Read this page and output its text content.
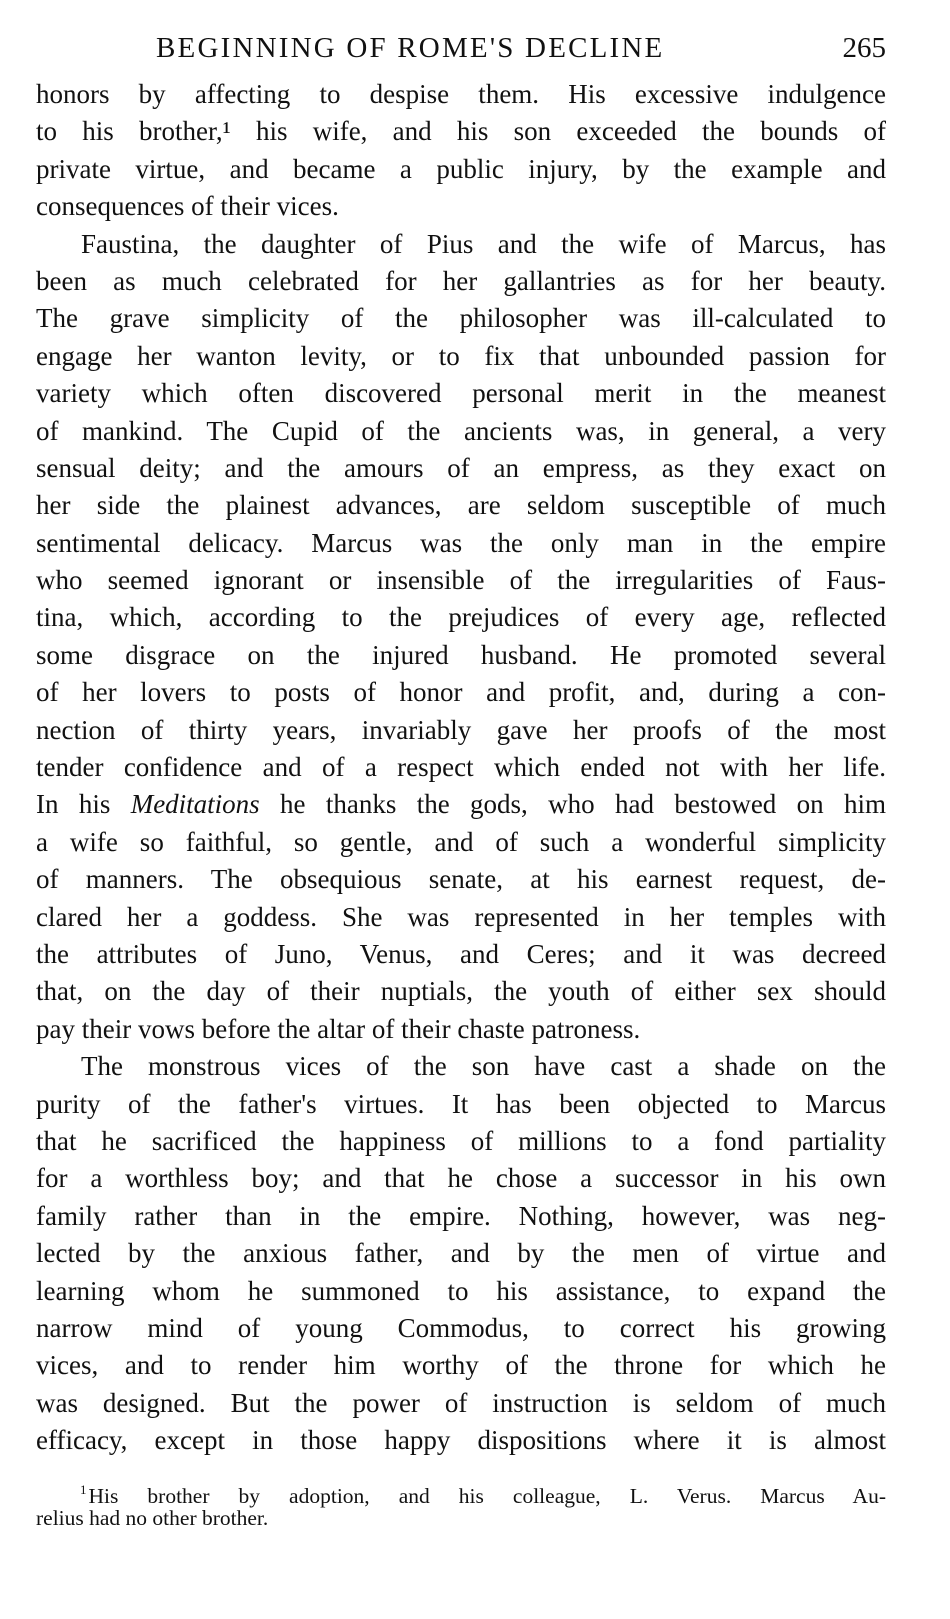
BEGINNING OF ROME'S DECLINE	265
honors by affecting to despise them. His excessive indulgence
to his brother,¹ his wife, and his son exceeded the bounds of
private virtue, and became a public injury, by the example and
consequences of their vices.
Faustina, the daughter of Pius and the wife of Marcus, has
been as much celebrated for her gallantries as for her beauty.
The grave simplicity of the philosopher was ill-calculated to
engage her wanton levity, or to fix that unbounded passion for
variety which often discovered personal merit in the meanest
of mankind. The Cupid of the ancients was, in general, a very
sensual deity; and the amours of an empress, as they exact on
her side the plainest advances, are seldom susceptible of much
sentimental delicacy. Marcus was the only man in the empire
who seemed ignorant or insensible of the irregularities of Faus-
tina, which, according to the prejudices of every age, reflected
some disgrace on the injured husband. He promoted several
of her lovers to posts of honor and profit, and, during a con-
nection of thirty years, invariably gave her proofs of the most
tender confidence and of a respect which ended not with her life.
In his Meditations he thanks the gods, who had bestowed on him
a wife so faithful, so gentle, and of such a wonderful simplicity
of manners. The obsequious senate, at his earnest request, de-
clared her a goddess. She was represented in her temples with
the attributes of Juno, Venus, and Ceres; and it was decreed
that, on the day of their nuptials, the youth of either sex should
pay their vows before the altar of their chaste patroness.
The monstrous vices of the son have cast a shade on the
purity of the father's virtues. It has been objected to Marcus
that he sacrificed the happiness of millions to a fond partiality
for a worthless boy; and that he chose a successor in his own
family rather than in the empire. Nothing, however, was neg-
lected by the anxious father, and by the men of virtue and
learning whom he summoned to his assistance, to expand the
narrow mind of young Commodus, to correct his growing
vices, and to render him worthy of the throne for which he
was designed. But the power of instruction is seldom of much
efficacy, except in those happy dispositions where it is almost
$^1$His brother by adoption, and his colleague, L. Verus. Marcus Au-
relius had no other brother.
